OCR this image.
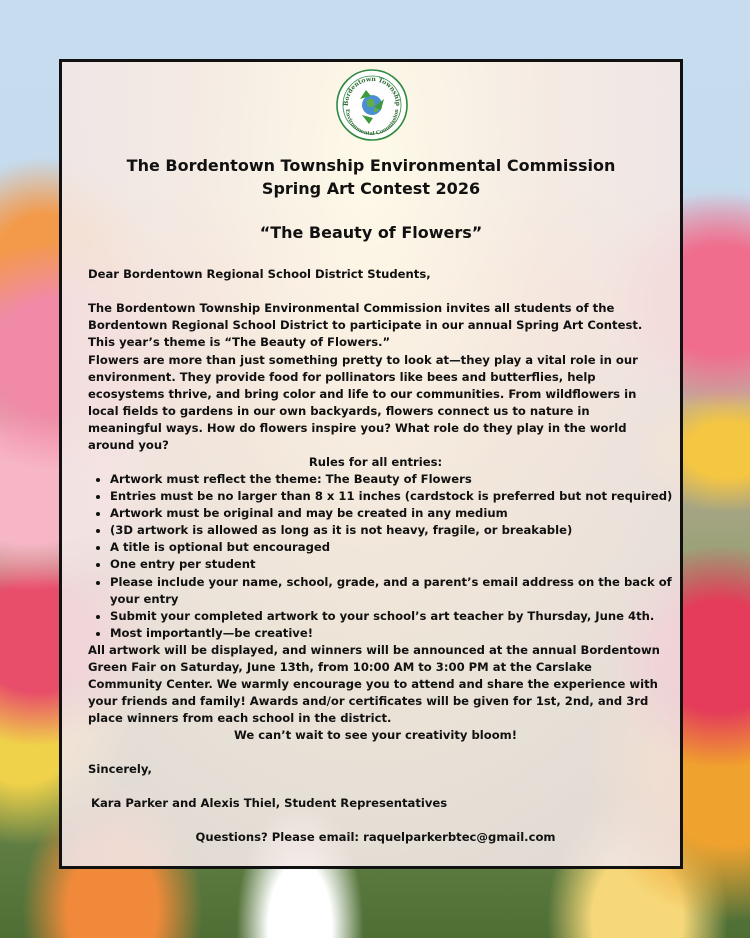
Bordentown Township
Environmental Commission
The Bordentown Township Environmental Commission
Spring Art Contest 2026
“The Beauty of Flowers”

Dear Bordentown Regional School District Students,

The Bordentown Township Environmental Commission invites all students of the Bordentown Regional School District to participate in our annual Spring Art Contest. This year’s theme is “The Beauty of Flowers.”

Flowers are more than just something pretty to look at—they play a vital role in our environment. They provide food for pollinators like bees and butterflies, help ecosystems thrive, and bring color and life to our communities. From wildflowers in local fields to gardens in our own backyards, flowers connect us to nature in meaningful ways. How do flowers inspire you? What role do they play in the world around you?

Rules for all entries:

• Artwork must reflect the theme: The Beauty of Flowers
• Entries must be no larger than 8 x 11 inches (cardstock is preferred but not required)
• Artwork must be original and may be created in any medium
• (3D artwork is allowed as long as it is not heavy, fragile, or breakable)
• A title is optional but encouraged
• One entry per student
• Please include your name, school, grade, and a parent’s email address on the back of your entry
• Submit your completed artwork to your school’s art teacher by Thursday, June 4th.
• Most importantly—be creative!

All artwork will be displayed, and winners will be announced at the annual Bordentown Green Fair on Saturday, June 13th, from 10:00 AM to 3:00 PM at the Carslake Community Center. We warmly encourage you to attend and share the experience with your friends and family! Awards and/or certificates will be given for 1st, 2nd, and 3rd place winners from each school in the district.

We can’t wait to see your creativity bloom!

Sincerely,

Kara Parker and Alexis Thiel, Student Representatives

Questions? Please email: raquelparkerbtec@gmail.com
